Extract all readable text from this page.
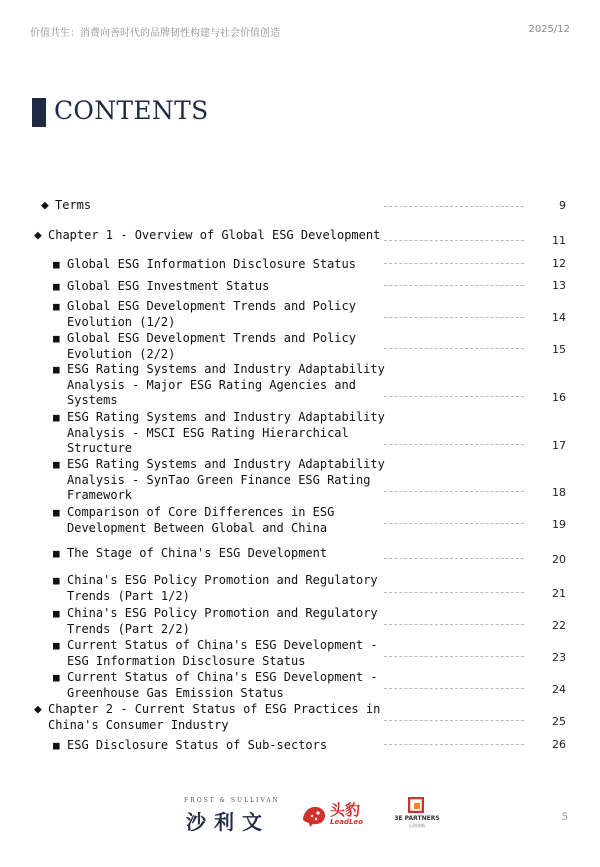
价值共生：消费向善时代的品牌韧性构建与社会价值创造	2025/12
CONTENTS
◆ Terms	9
◆ Chapter 1 - Overview of Global ESG Development	11
■ Global ESG Information Disclosure Status	12
■ Global ESG Investment Status	13
■ Global ESG Development Trends and Policy
Evolution (1/2)	14
■ Global ESG Development Trends and Policy
Evolution (2/2)	15
■ ESG Rating Systems and Industry Adaptability
Analysis - Major ESG Rating Agencies and
Systems	16
■ ESG Rating Systems and Industry Adaptability
Analysis - MSCI ESG Rating Hierarchical
Structure	17
■ ESG Rating Systems and Industry Adaptability
Analysis - SynTao Green Finance ESG Rating
Framework	18
■ Comparison of Core Differences in ESG
Development Between Global and China	19
■ The Stage of China's ESG Development	20
■ China's ESG Policy Promotion and Regulatory
Trends (Part 1/2)	21
■ China's ESG Policy Promotion and Regulatory
Trends (Part 2/2)	22
■ Current Status of China's ESG Development -
ESG Information Disclosure Status	23
■ Current Status of China's ESG Development -
Greenhouse Gas Emission Status	24
◆ Chapter 2 - Current Status of ESG Practices in
China's Consumer Industry	25
■ ESG Disclosure Status of Sub-sectors	26
FROST & SULLIVAN
沙利文	头豹
LeadLeo	3E PARTNERS
山海战略
5
